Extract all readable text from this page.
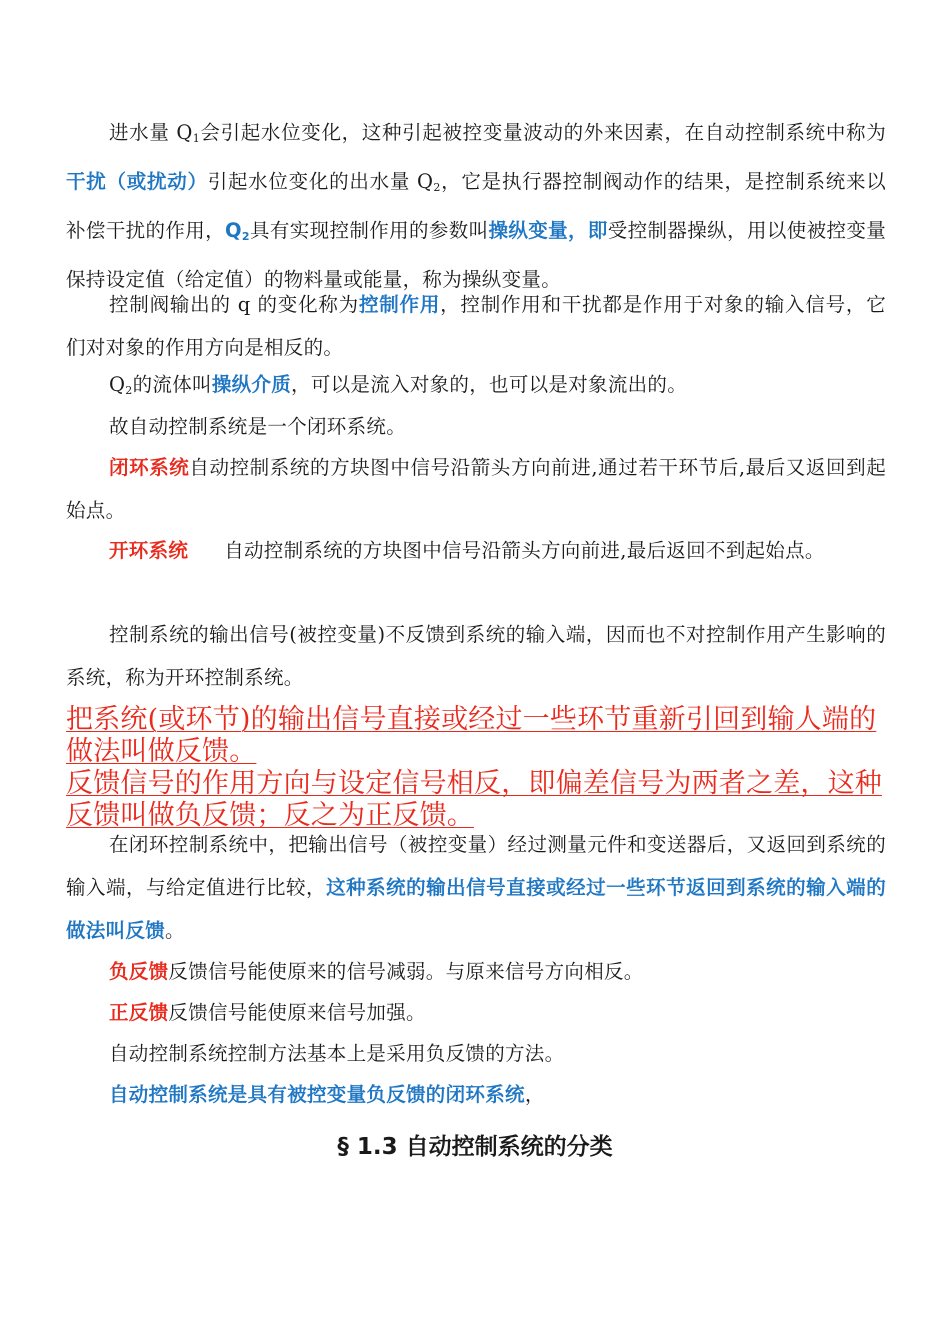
进水量 $Q_1$会引起水位变化，这种引起被控变量波动的外来因素，在自动控制系统中称为干扰（或扰动）引起水位变化的出水量 $Q_2$，它是执行器控制阀动作的结果，是控制系统来以补偿干扰的作用，$Q_2$具有实现控制作用的参数叫操纵变量，即受控制器操纵，用以使被控变量保持设定值（给定值）的物料量或能量，称为操纵变量。

控制阀输出的 q 的变化称为控制作用，控制作用和干扰都是作用于对象的输入信号，它们对对象的作用方向是相反的。

$Q_2$的流体叫操纵介质，可以是流入对象的，也可以是对象流出的。

故自动控制系统是一个闭环系统。

闭环系统自动控制系统的方块图中信号沿箭头方向前进,通过若干环节后,最后又返回到起始点。

开环系统 自动控制系统的方块图中信号沿箭头方向前进,最后返回不到起始点。

控制系统的输出信号(被控变量)不反馈到系统的输入端，因而也不对控制作用产生影响的系统，称为开环控制系统。

把系统(或环节)的输出信号直接或经过一些环节重新引回到输人端的做法叫做反馈。

反馈信号的作用方向与设定信号相反，即偏差信号为两者之差，这种反馈叫做负反馈；反之为正反馈。

在闭环控制系统中，把输出信号（被控变量）经过测量元件和变送器后，又返回到系统的输入端，与给定值进行比较，这种系统的输出信号直接或经过一些环节返回到系统的输入端的做法叫反馈。

负反馈反馈信号能使原来的信号减弱。与原来信号方向相反。

正反馈反馈信号能使原来信号加强。

自动控制系统控制方法基本上是采用负反馈的方法。

自动控制系统是具有被控变量负反馈的闭环系统，

§ 1.3 自动控制系统的分类
